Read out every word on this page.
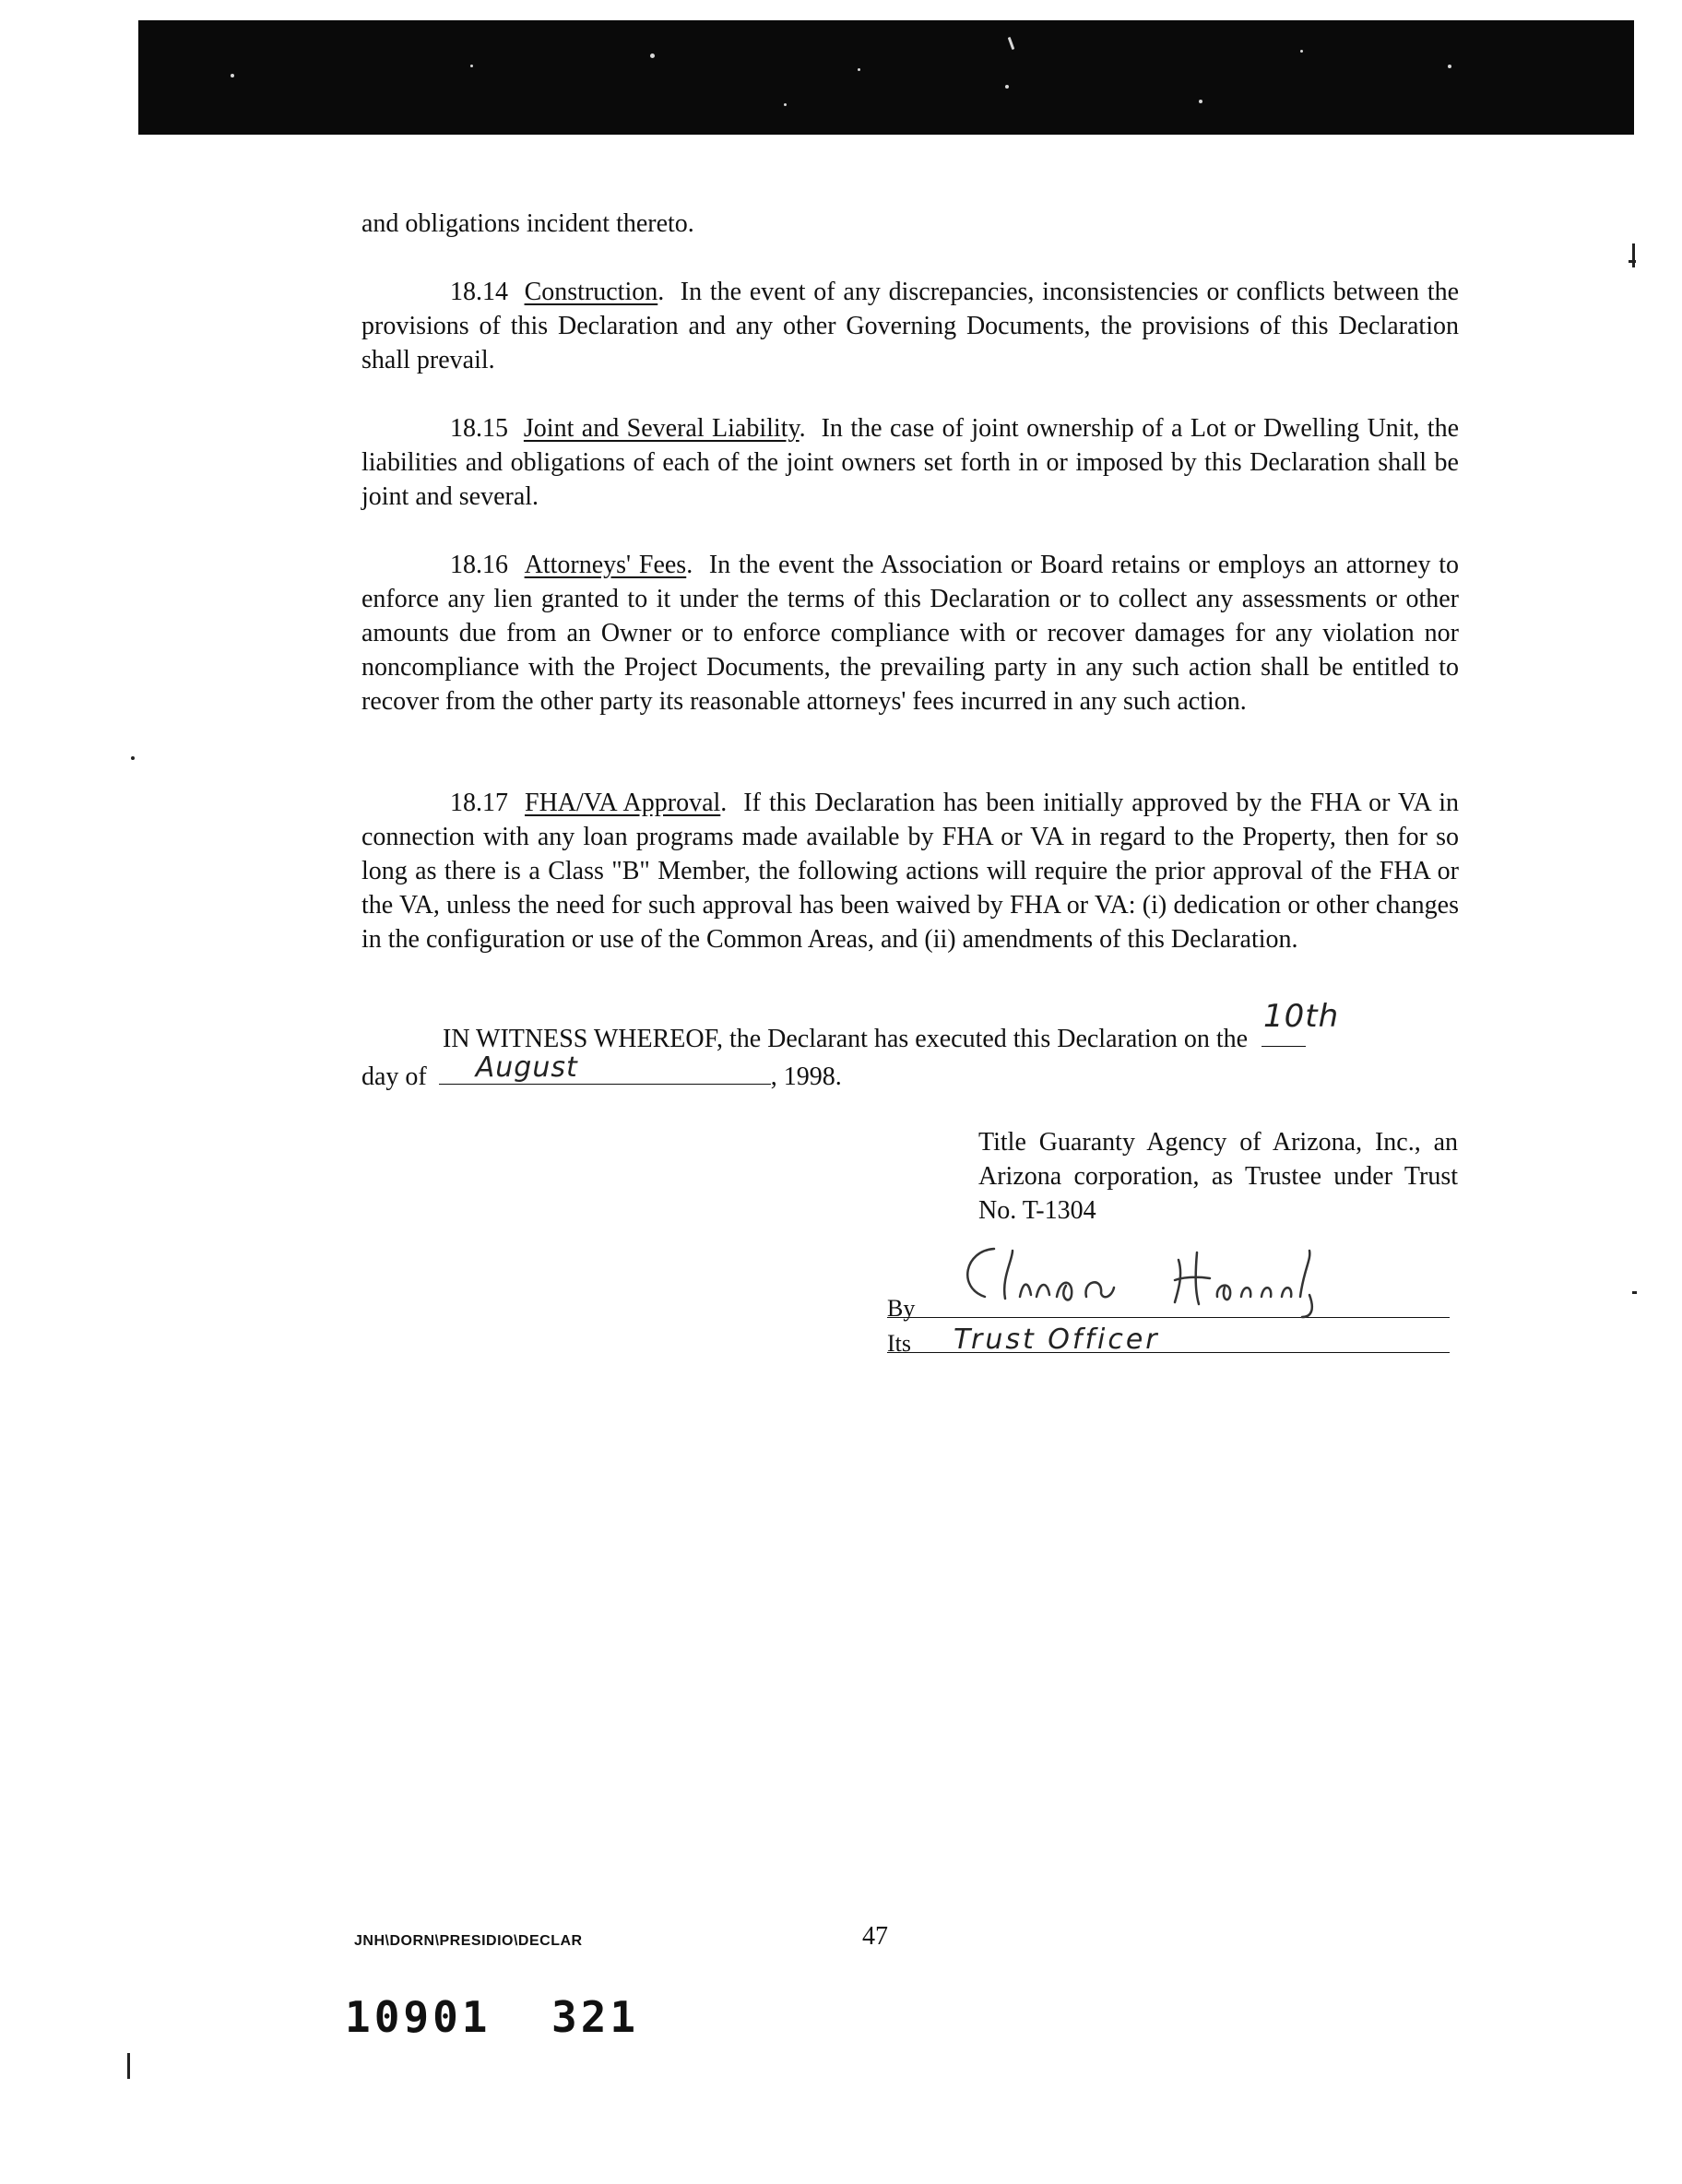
and obligations incident thereto.
18.14 Construction.  In the event of any discrepancies, inconsistencies or conflicts between the provisions of this Declaration and any other Governing Documents, the provisions of this Declaration shall prevail.
18.15 Joint and Several Liability.  In the case of joint ownership of a Lot or Dwelling Unit, the liabilities and obligations of each of the joint owners set forth in or imposed by this Declaration shall be joint and several.
18.16 Attorneys' Fees.  In the event the Association or Board retains or employs an attorney to enforce any lien granted to it under the terms of this Declaration or to collect any assessments or other amounts due from an Owner or to enforce compliance with or recover damages for any violation nor noncompliance with the Project Documents, the prevailing party in any such action shall be entitled to recover from the other party its reasonable attorneys' fees incurred in any such action.
18.17 FHA/VA Approval.  If this Declaration has been initially approved by the FHA or VA in connection with any loan programs made available by FHA or VA in regard to the Property, then for so long as there is a Class "B" Member, the following actions will require the prior approval of the FHA or the VA, unless the need for such approval has been waived by FHA or VA: (i) dedication or other changes in the configuration or use of the Common Areas, and (ii) amendments of this Declaration.
IN WITNESS WHEREOF, the Declarant has executed this Declaration on the
10th
day of August	, 1998.
Title Guaranty Agency of Arizona, Inc., an Arizona corporation, as Trustee under Trust No. T-1304
By
Its Trust Officer
JNH\DORN\PRESIDIO\DECLAR	47
10901 321
